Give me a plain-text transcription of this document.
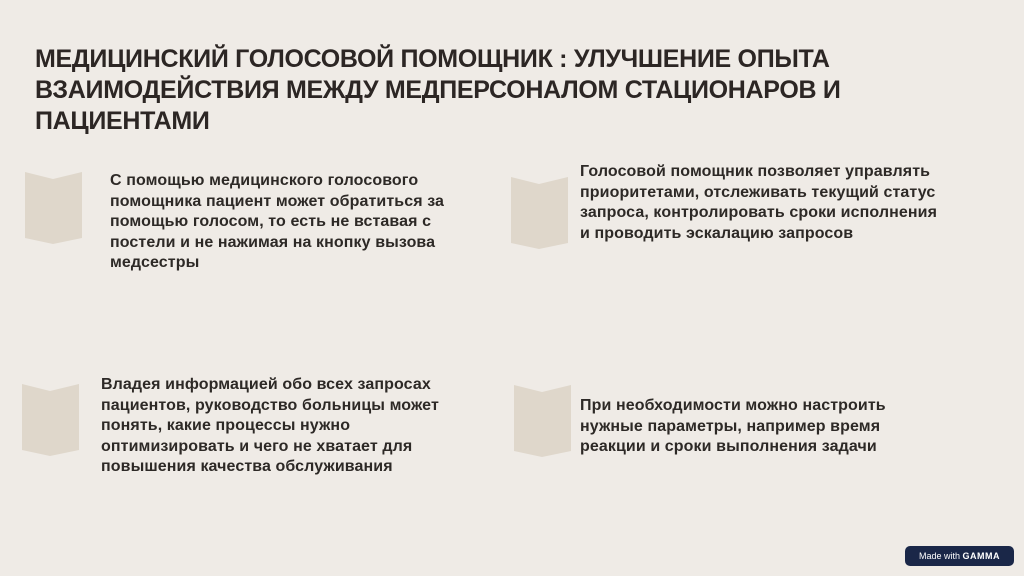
МЕДИЦИНСКИЙ ГОЛОСОВОЙ ПОМОЩНИК : УЛУЧШЕНИЕ ОПЫТА ВЗАИМОДЕЙСТВИЯ МЕЖДУ МЕДПЕРСОНАЛОМ СТАЦИОНАРОВ И ПАЦИЕНТАМИ
С помощью медицинского голосового помощника пациент может обратиться за помощью голосом, то есть не вставая с постели и не нажимая на кнопку вызова медсестры
Голосовой помощник позволяет управлять приоритетами, отслеживать текущий статус запроса, контролировать сроки исполнения и проводить эскалацию запросов
Владея информацией обо всех запросах пациентов, руководство больницы может понять, какие процессы нужно оптимизировать и чего не хватает для повышения качества обслуживания
При необходимости можно настроить нужные параметры, например время реакции и сроки выполнения задачи
Made with GAMMA
